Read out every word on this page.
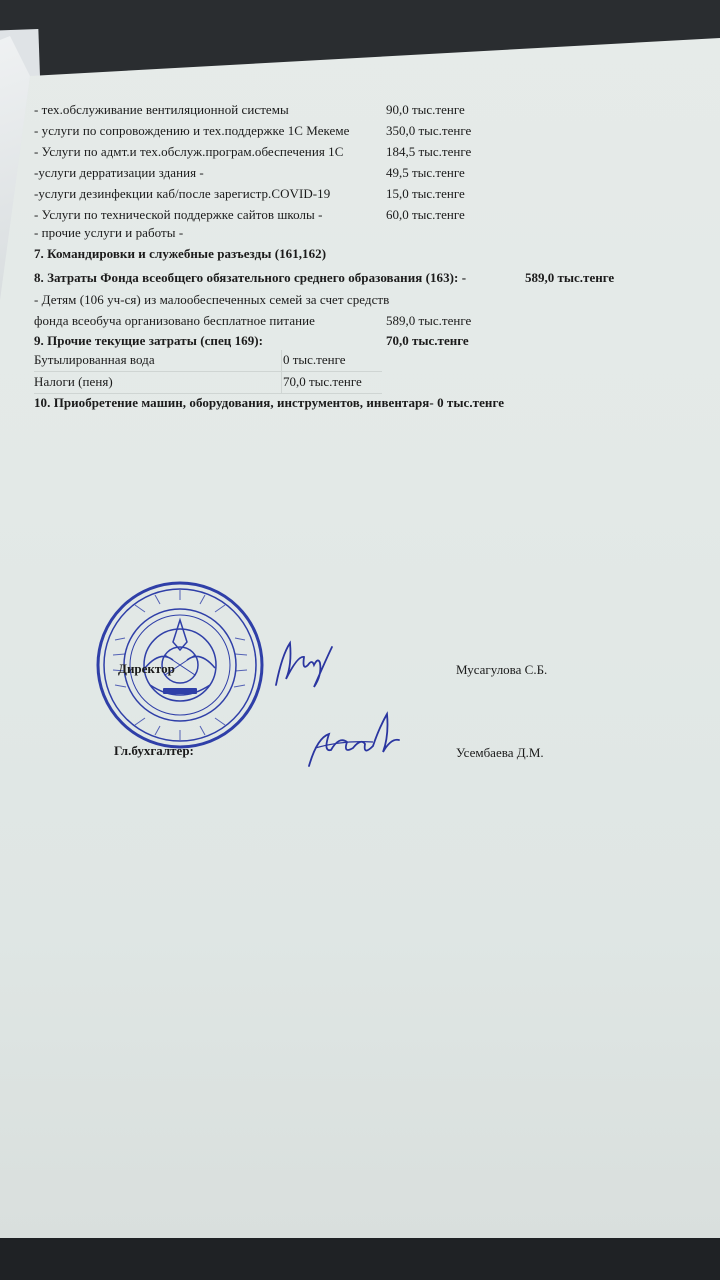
- тех.обслуживание вентиляционной системы	90,0 тыс.тенге
- услуги по сопровождению и тех.поддержке 1С Мекеме	350,0 тыс.тенге
- Услуги по адмт.и тех.обслуж.програм.обеспечения 1С	184,5 тыс.тенге
-услуги дерратизации здания -	49,5 тыс.тенге
-услуги дезинфекции каб/после зарегистр.COVID-19	15,0 тыс.тенге
- Услуги по технической поддержке сайтов школы -	60,0 тыс.тенге
- прочие услуги и работы -
7. Командировки и служебные разъезды (161,162)
8. Затраты Фонда всеобщего обязательного среднего образования (163): -	589,0 тыс.тенге
- Детям (106 уч-ся) из малообеспеченных семей за счет средств
фонда всеобуча организовано бесплатное питание	589,0 тыс.тенге
9. Прочие текущие затраты (спец 169):	70,0 тыс.тенге
Бутылированная вода	0 тыс.тенге
Налоги (пеня)	70,0 тыс.тенге
10. Приобретение машин, оборудования, инструментов, инвентаря- 0 тыс.тенге
Директор	Мусагулова С.Б.
Гл.бухгалтер:	Усембаева Д.М.
